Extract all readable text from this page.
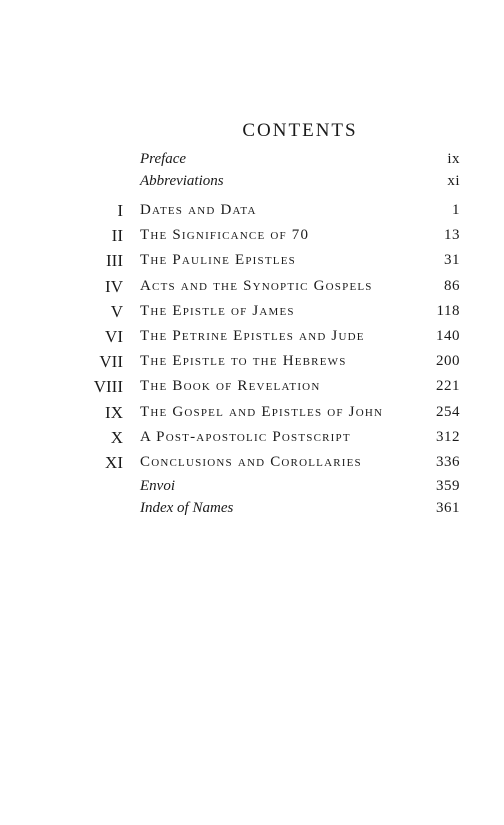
CONTENTS
Preface	ix
Abbreviations	xi
I Dates and Data	1
II The Significance of 70	13
III The Pauline Epistles	31
IV Acts and the Synoptic Gospels	86
V The Epistle of James	118
VI The Petrine Epistles and Jude	140
VII The Epistle to the Hebrews	200
VIII The Book of Revelation	221
IX The Gospel and Epistles of John	254
X A Post-apostolic Postscript	312
XI Conclusions and Corollaries	336
Envoi	359
Index of Names	361
